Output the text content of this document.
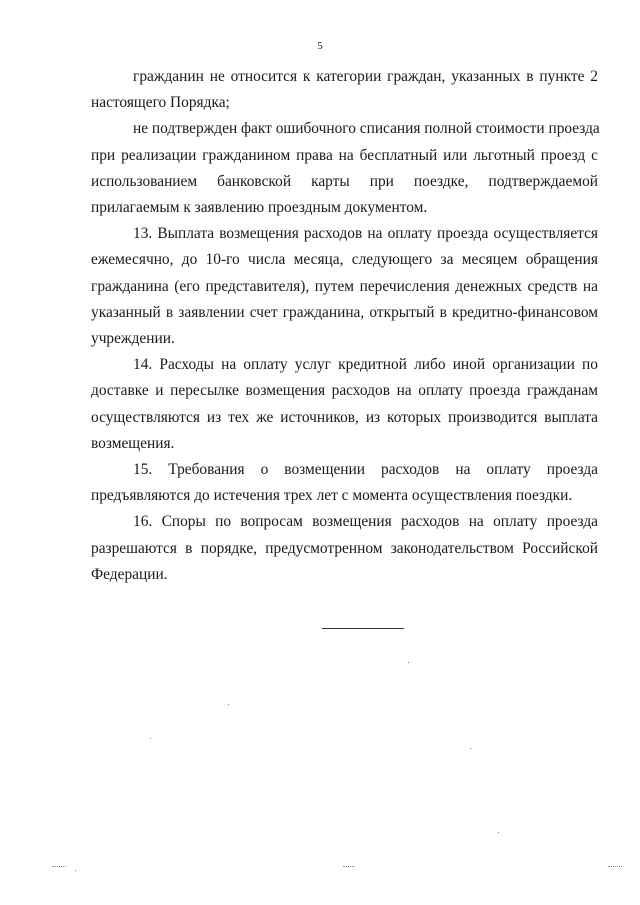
5
гражданин не относится к категории граждан, указанных в пункте 2
настоящего Порядка;
не подтвержден факт ошибочного списания полной стоимости проезда
при реализации гражданином права на бесплатный или льготный проезд с
использованием банковской карты при поездке, подтверждаемой
прилагаемым к заявлению проездным документом.
13. Выплата возмещения расходов на оплату проезда осуществляется
ежемесячно, до 10-го числа месяца, следующего за месяцем обращения
гражданина (его представителя), путем перечисления денежных средств на
указанный в заявлении счет гражданина, открытый в кредитно-финансовом
учреждении.
14. Расходы на оплату услуг кредитной либо иной организации по
доставке и пересылке возмещения расходов на оплату проезда гражданам
осуществляются из тех же источников, из которых производится выплата
возмещения.
15. Требования о возмещении расходов на оплату проезда
предъявляются до истечения трех лет с момента осуществления поездки.
16. Споры по вопросам возмещения расходов на оплату проезда
разрешаются в порядке, предусмотренном законодательством Российской
Федерации.
